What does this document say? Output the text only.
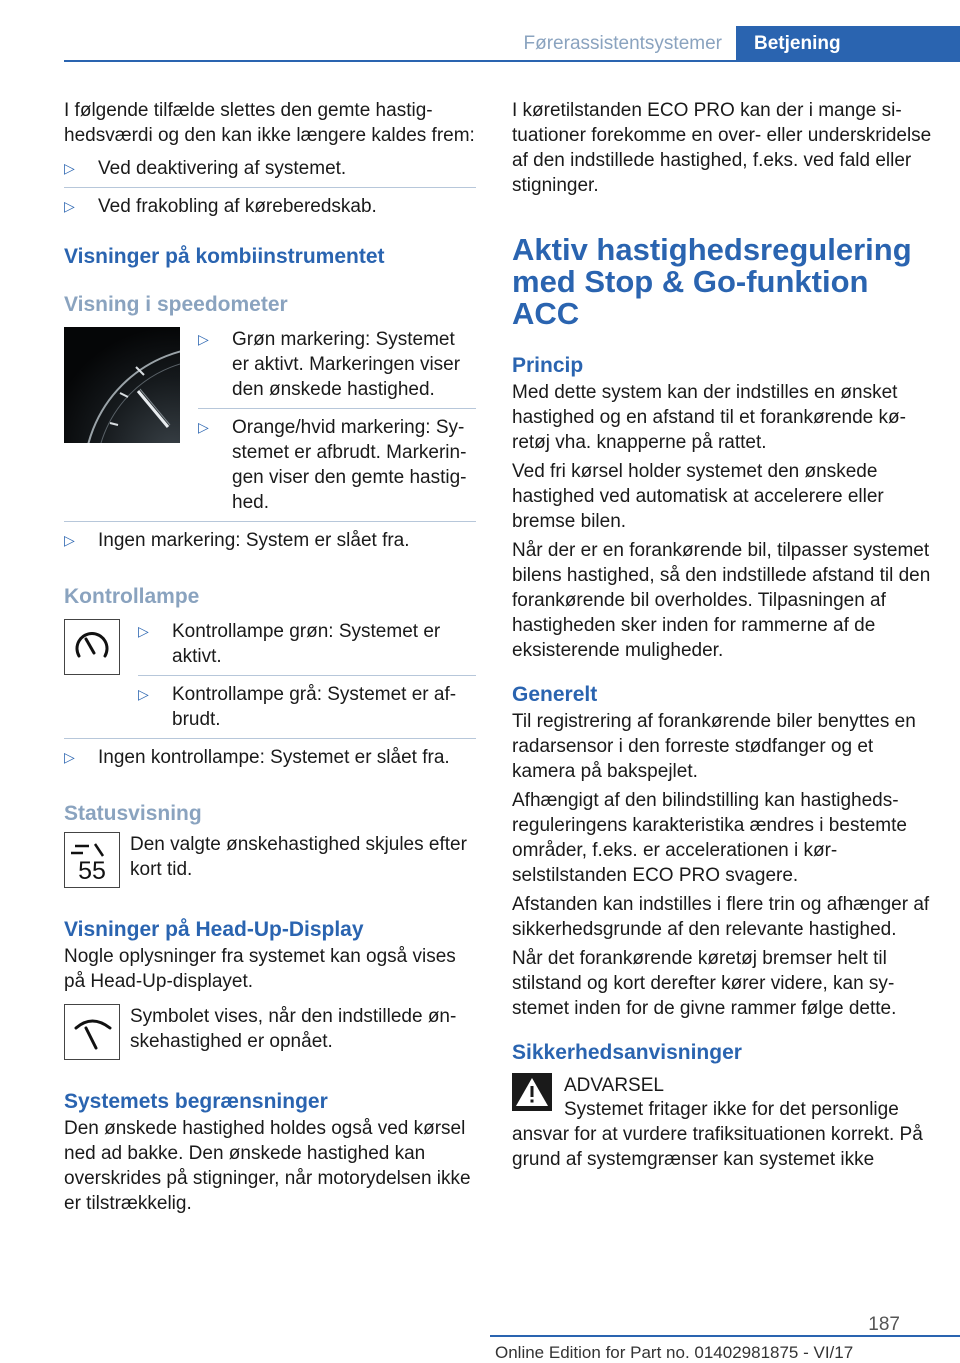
Førerassistentsystemer	Betjening

I følgende tilfælde slettes den gemte hastighedsværdi og den kan ikke længere kaldes frem:

▷ Ved deaktivering af systemet.
▷ Ved frakobling af køreberedskab.
Visninger på kombiinstrumentet
Visning i speedometer
▷ Grøn markering: Systemet er aktivt. Markeringen viser den ønskede hastighed.
▷ Orange/hvid markering: Systemet er afbrudt. Markeringen viser den gemte hastighed.
▷ Ingen markering: System er slået fra.
Kontrollampe
▷ Kontrollampe grøn: Systemet er aktivt.
▷ Kontrollampe grå: Systemet er afbrudt.
▷ Ingen kontrollampe: Systemet er slået fra.
Statusvisning
55

Den valgte ønskehastighed skjules efter kort tid.

Visninger på Head-Up-Display

Nogle oplysninger fra systemet kan også vises på Head-Up-displayet.

Symbolet vises, når den indstillede ønskehastighed er opnået.

Systemets begrænsninger

Den ønskede hastighed holdes også ved kørsel ned ad bakke. Den ønskede hastighed kan overskrides på stigninger, når motorydelsen ikke er tilstrækkelig.

I køretilstanden ECO PRO kan der i mange situationer forekomme en over- eller underskridelse af den indstillede hastighed, f.eks. ved fald eller stigninger.

Aktiv hastighedsregulering med Stop & Go-funktion ACC
Princip

Med dette system kan der indstilles en ønsket hastighed og en afstand til et forankørende køretøj vha. knapperne på rattet.

Ved fri kørsel holder systemet den ønskede hastighed ved automatisk at accelerere eller bremse bilen.

Når der er en forankørende bil, tilpasser systemet bilens hastighed, så den indstillede afstand til den forankørende bil overholdes. Tilpasningen af hastigheden sker inden for rammerne af de eksisterende muligheder.

Generelt

Til registrering af forankørende biler benyttes en radarsensor i den forreste stødfanger og et kamera på bakspejlet.

Afhængigt af den bilindstilling kan hastighedsreguleringens karakteristika ændres i bestemte områder, f.eks. er accelerationen i kørselstilstanden ECO PRO svagere.

Afstanden kan indstilles i flere trin og afhænger af sikkerhedsgrunde af den relevante hastighed.

Når det forankørende køretøj bremser helt til stilstand og kort derefter kører videre, kan systemet inden for de givne rammer følge dette.

Sikkerhedsanvisninger

ADVARSEL

Systemet fritager ikke for det personlige ansvar for at vurdere trafiksituationen korrekt. På grund af systemgrænser kan systemet ikke

187
Online Edition for Part no. 01402981875 - VI/17
